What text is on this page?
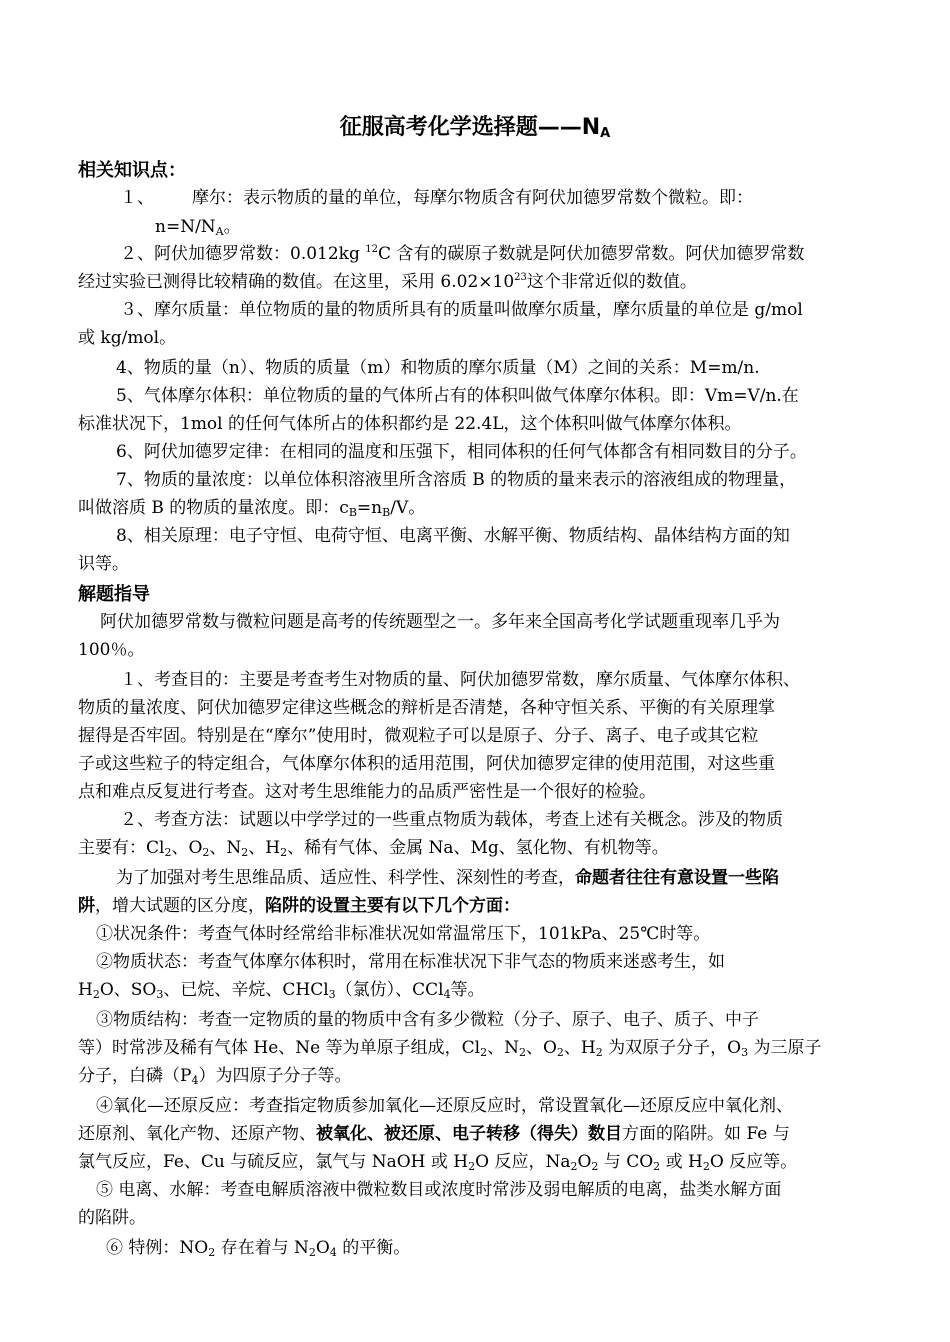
征服高考化学选择题$——N_A$
相关知识点：
１、 摩尔：表示物质的量的单位，每摩尔物质含有阿伏加德罗常数个微粒。即：
$n=N/N_A$。
２、阿伏加德罗常数：0.012kg $^{12}$C 含有的碳原子数就是阿伏加德罗常数。阿伏加德罗常数
经过实验已测得比较精确的数值。在这里，采用 $6.02\times 10^{23}$这个非常近似的数值。
３、摩尔质量：单位物质的量的物质所具有的质量叫做摩尔质量，摩尔质量的单位是 g/mol
或 kg/mol。
4、物质的量（n）、物质的质量（m）和物质的摩尔质量（M）之间的关系：M=m/n.
5、气体摩尔体积：单位物质的量的气体所占有的体积叫做气体摩尔体积。即：Vm=V/n.在
标准状况下，1mol 的任何气体所占的体积都约是 22.4L，这个体积叫做气体摩尔体积。
6、阿伏加德罗定律：在相同的温度和压强下，相同体积的任何气体都含有相同数目的分子。
7、物质的量浓度：以单位体积溶液里所含溶质 B 的物质的量来表示的溶液组成的物理量，
叫做溶质 B 的物质的量浓度。即：$c_B=n_B/V$。
8、相关原理：电子守恒、电荷守恒、电离平衡、水解平衡、物质结构、晶体结构方面的知
识等。
解题指导
阿伏加德罗常数与微粒问题是高考的传统题型之一。多年来全国高考化学试题重现率几乎为
100％。
１、考查目的：主要是考查考生对物质的量、阿伏加德罗常数，摩尔质量、气体摩尔体积、
物质的量浓度、阿伏加德罗定律这些概念的辩析是否清楚，各种守恒关系、平衡的有关原理掌
握得是否牢固。特别是在“摩尔”使用时，微观粒子可以是原子、分子、离子、电子或其它粒
子或这些粒子的特定组合，气体摩尔体积的适用范围，阿伏加德罗定律的使用范围，对这些重
点和难点反复进行考查。这对考生思维能力的品质严密性是一个很好的检验。
２、考查方法：试题以中学学过的一些重点物质为载体，考查上述有关概念。涉及的物质
主要有：$Cl_2$、$O_2$、$N_2$、$H_2$、稀有气体、金属 Na、Mg、氢化物、有机物等。
为了加强对考生思维品质、适应性、科学性、深刻性的考查，命题者往往有意设置一些陷
阱，增大试题的区分度，陷阱的设置主要有以下几个方面：
①状况条件：考查气体时经常给非标准状况如常温常压下，101kPa、25℃时等。
②物质状态：考查气体摩尔体积时，常用在标准状况下非气态的物质来迷惑考生，如
$H_2O$、$SO_3$、已烷、辛烷、CHCl$_3$（氯仿）、CCl$_4$等。
③物质结构：考查一定物质的量的物质中含有多少微粒（分子、原子、电子、质子、中子
等）时常涉及稀有气体 He、Ne 等为单原子组成，$Cl_2$、$N_2$、$O_2$、$H_2$ 为双原子分子，$O_3$ 为三原子
分子，白磷$(P_4)$为四原子分子等。
④氧化—还原反应：考查指定物质参加氧化—还原反应时，常设置氧化—还原反应中氧化剂、
还原剂、氧化产物、还原产物、被氧化、被还原、电子转移（得失）数目方面的陷阱。如 Fe 与
氯气反应，Fe、Cu 与硫反应，氯气与 NaOH 或 $H_2O$ 反应，$Na_2O_2$ 与 $CO_2$ 或 $H_2O$ 反应等。
⑤ 电离、水解：考查电解质溶液中微粒数目或浓度时常涉及弱电解质的电离，盐类水解方面
的陷阱。
⑥ 特例：$NO_2$ 存在着与 $N_2O_4$ 的平衡。
